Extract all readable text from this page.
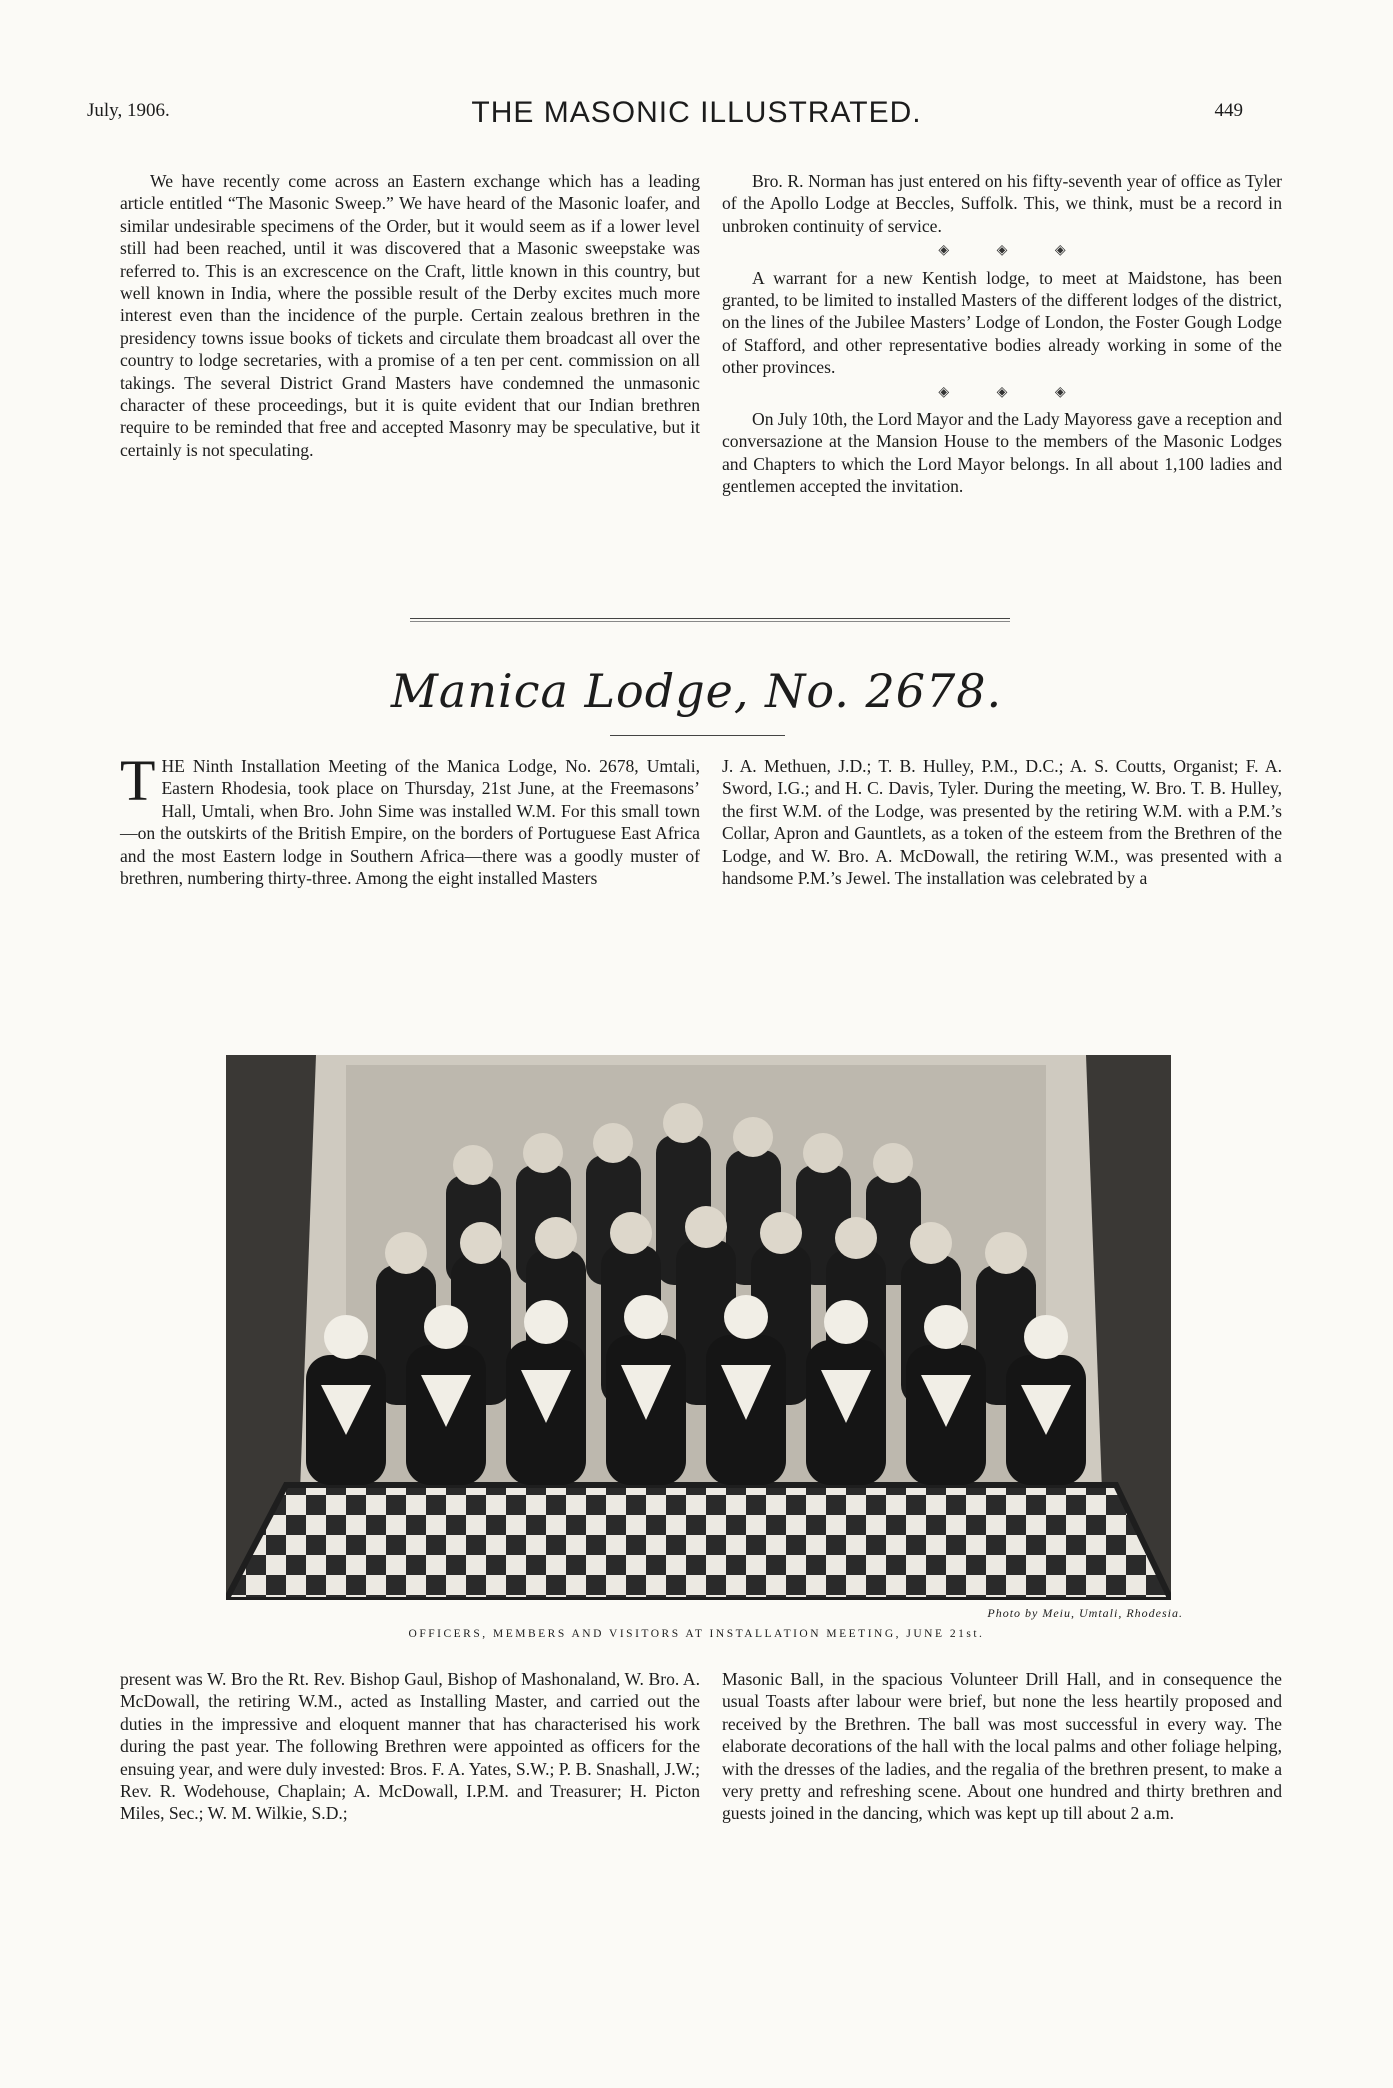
July, 1906.	THE MASONIC ILLUSTRATED.	449

We have recently come across an Eastern exchange which has a leading article entitled “The Masonic Sweep.” We have heard of the Masonic loafer, and similar undesirable specimens of the Order, but it would seem as if a lower level still had been reached, until it was discovered that a Masonic sweepstake was referred to. This is an excrescence on the Craft, little known in this country, but well known in India, where the possible result of the Derby excites much more interest even than the incidence of the purple. Certain zealous brethren in the presidency towns issue books of tickets and circulate them broadcast all over the country to lodge secretaries, with a promise of a ten per cent. commission on all takings. The several District Grand Masters have condemned the unmasonic character of these proceedings, but it is quite evident that our Indian brethren require to be reminded that free and accepted Masonry may be speculative, but it certainly is not speculating.

Bro. R. Norman has just entered on his fifty-seventh year of office as Tyler of the Apollo Lodge at Beccles, Suffolk. This, we think, must be a record in unbroken continuity of service.

◈ ◈ ◈

A warrant for a new Kentish lodge, to meet at Maidstone, has been granted, to be limited to installed Masters of the different lodges of the district, on the lines of the Jubilee Masters’ Lodge of London, the Foster Gough Lodge of Stafford, and other representative bodies already working in some of the other provinces.

◈ ◈ ◈

On July 10th, the Lord Mayor and the Lady Mayoress gave a reception and conversazione at the Mansion House to the members of the Masonic Lodges and Chapters to which the Lord Mayor belongs. In all about 1,100 ladies and gentlemen accepted the invitation.

Manica Lodge, No. 2678.

THE Ninth Installation Meeting of the Manica Lodge, No. 2678, Umtali, Eastern Rhodesia, took place on Thursday, 21st June, at the Freemasons’ Hall, Umtali, when Bro. John Sime was installed W.M. For this small town—on the outskirts of the British Empire, on the borders of Portuguese East Africa and the most Eastern lodge in Southern Africa—there was a goodly muster of brethren, numbering thirty-three. Among the eight installed Masters

J. A. Methuen, J.D.; T. B. Hulley, P.M., D.C.; A. S. Coutts, Organist; F. A. Sword, I.G.; and H. C. Davis, Tyler. During the meeting, W. Bro. T. B. Hulley, the first W.M. of the Lodge, was presented by the retiring W.M. with a P.M.’s Collar, Apron and Gauntlets, as a token of the esteem from the Brethren of the Lodge, and W. Bro. A. McDowall, the retiring W.M., was presented with a handsome P.M.’s Jewel. The installation was celebrated by a

Photo by Meiu, Umtali, Rhodesia.
OFFICERS, MEMBERS AND VISITORS AT INSTALLATION MEETING, JUNE 21st.

present was W. Bro the Rt. Rev. Bishop Gaul, Bishop of Mashonaland, W. Bro. A. McDowall, the retiring W.M., acted as Installing Master, and carried out the duties in the impressive and eloquent manner that has characterised his work during the past year. The following Brethren were appointed as officers for the ensuing year, and were duly invested: Bros. F. A. Yates, S.W.; P. B. Snashall, J.W.; Rev. R. Wodehouse, Chaplain; A. McDowall, I.P.M. and Treasurer; H. Picton Miles, Sec.; W. M. Wilkie, S.D.;

Masonic Ball, in the spacious Volunteer Drill Hall, and in consequence the usual Toasts after labour were brief, but none the less heartily proposed and received by the Brethren. The ball was most successful in every way. The elaborate decorations of the hall with the local palms and other foliage helping, with the dresses of the ladies, and the regalia of the brethren present, to make a very pretty and refreshing scene. About one hundred and thirty brethren and guests joined in the dancing, which was kept up till about 2 a.m.
